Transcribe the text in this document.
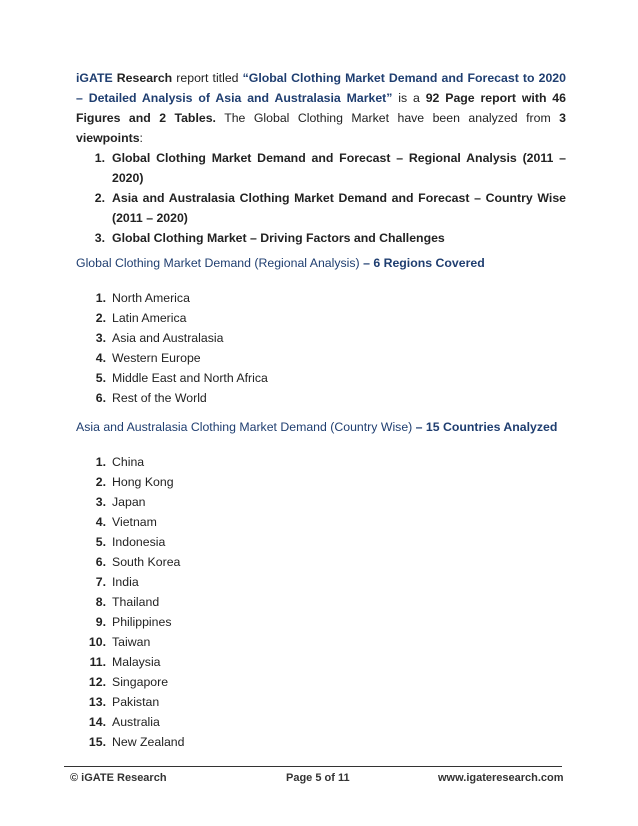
iGATE Research report titled “Global Clothing Market Demand and Forecast to 2020 – Detailed Analysis of Asia and Australasia Market” is a 92 Page report with 46 Figures and 2 Tables. The Global Clothing Market have been analyzed from 3 viewpoints:

1. Global Clothing Market Demand and Forecast – Regional Analysis (2011 – 2020)
2. Asia and Australasia Clothing Market Demand and Forecast – Country Wise (2011 – 2020)
3. Global Clothing Market – Driving Factors and Challenges

Global Clothing Market Demand (Regional Analysis) – 6 Regions Covered

1. North America
2. Latin America
3. Asia and Australasia
4. Western Europe
5. Middle East and North Africa
6. Rest of the World

Asia and Australasia Clothing Market Demand (Country Wise) – 15 Countries Analyzed

1. China
2. Hong Kong
3. Japan
4. Vietnam
5. Indonesia
6. South Korea
7. India
8. Thailand
9. Philippines
10. Taiwan
11. Malaysia
12. Singapore
13. Pakistan
14. Australia
15. New Zealand
© iGATE Research	Page 5 of 11	www.igateresearch.com
